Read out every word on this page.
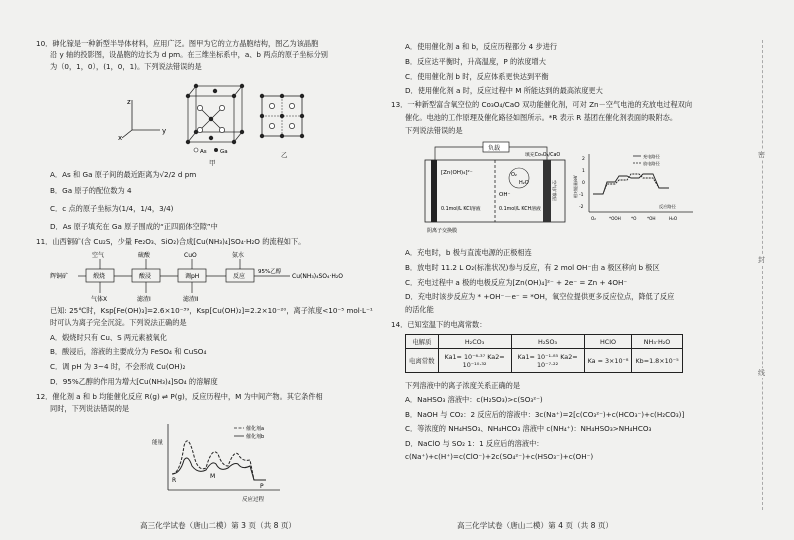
10．砷化镓是一种新型半导体材料，应用广泛。图甲为它的立方晶胞结构，图乙为该晶胞
沿 y 轴的投影图，设晶胞的边长为 d pm。在三维坐标系中，a、b 两点的原子坐标分别
为（0，1，0），(1，0，1)。下列说法错误的是
z
y
x
As Ga
甲
乙
A．As 和 Ga 原子间的最近距离为√2/2 d pm
B．Ga 原子的配位数为 4
C．c 点的原子坐标为(1/4，1/4，3/4)
D．As 原子填充在 Ga 原子围成的“正四面体空隙”中
11．山西铜矿(含 Cu₂S，少量 Fe₂O₃、SiO₂)合成[Cu(NH₃)₄]SO₄·H₂O 的流程如下。
辉铜矿	煅烧	酸浸	调pH	反应
95%乙醇
Cu(NH₃)₄SO₄·H₂O
空气	硫酸	CuO	氨水
气体X	滤渣I	滤渣II
已知: 25℃时，Ksp[Fe(OH)₃]=2.6×10⁻³⁹，Ksp[Cu(OH)₂]=2.2×10⁻²⁰，离子浓度<10⁻⁵ mol·L⁻¹
时可认为离子完全沉淀。下列说法正确的是
A．煅烧时只有 Cu、S 两元素被氧化
B．酸浸后，溶液的主要成分为 FeSO₄ 和 CuSO₄
C．调 pH 为 3~4 时，不会形成 Cu(OH)₂
D．95%乙醇的作用为增大[Cu(NH₃)₄]SO₄ 的溶解度
12．催化剂 a 和 b 均能催化反应 R(g) ⇌ P(g)，反应历程中，M 为中间产物。其它条件相
同时，下列说法错误的是
能量
反应过程
催化剂a
催化剂b
R
M
P
高三化学试卷（唐山二模）第 3 页（共 8 页）
A．使用催化剂 a 和 b，反应历程都分 4 步进行
B．反应达平衡时，升高温度，P 的浓度增大
C．使用催化剂 b 时，反应体系更快达到平衡
D．使用催化剂 a 时，反应过程中 M 所能达到的最高浓度更大
13．一种新型富含氧空位的 Co₃O₄/CaO 双功能催化剂，可对 Zn－空气电池的充放电过程双向
催化。电池的工作原理及催化路径如图所示。*R 表示 R 基团在催化剂表面的吸附态。
下列说法错误的是
负载
[Zn(OH)₄]²⁻
0.1mol/L KCl溶液
OH⁻
0.1mol/L KCH溶液
O₂
H₂O
阴离子交换膜
填充Co₃O₄/CaO
空气扩散层
2
1
0
-1
-2
相对能量/eV
O₂	*OOH *O	*OH	H₂O
反应路径
充电路径
放电路径
A．充电时，b 极与直流电源的正极相连
B．放电时 11.2 L O₂(标准状况)参与反应，有 2 mol OH⁻由 a 极区移向 b 极区
C．充电过程中 a 极的电极反应为[Zn(OH)₄]²⁻ + 2e⁻ = Zn + 4OH⁻
D．充电时该步反应为 * +OH⁻－e⁻ = *OH，氧空位提供更多反应位点，降低了反应
的活化能
14．已知室温下的电离常数：
电解质	H₂CO₃	H₂SO₃	HClO	NH₃·H₂O
电离常数	Ka1= 10⁻⁶·³⁷ Ka2= 10⁻¹⁰·³²	Ka1= 10⁻¹·⁸⁵ Ka2= 10⁻⁷·²²	Ka = 3×10⁻⁸	Kb=1.8×10⁻⁵
下列溶液中的离子浓度关系正确的是
A．NaHSO₃ 溶液中：c(H₂SO₃)>c(SO₃²⁻)
B．NaOH 与 CO₂：2 反应后的溶液中：3c(Na⁺)=2[c(CO₃²⁻)+c(HCO₃⁻)+c(H₂CO₃)]
C．等浓度的 NH₄HSO₃、NH₄HCO₃ 溶液中 c(NH₄⁺)：NH₄HSO₃>NH₄HCO₃
D．NaClO 与 SO₂ 1：1 反应后的溶液中：
c(Na⁺)+c(H⁺)=c(ClO⁻)+2c(SO₄²⁻)+c(HSO₃⁻)+c(OH⁻)
高三化学试卷（唐山二模）第 4 页（共 8 页）
密
封
线
